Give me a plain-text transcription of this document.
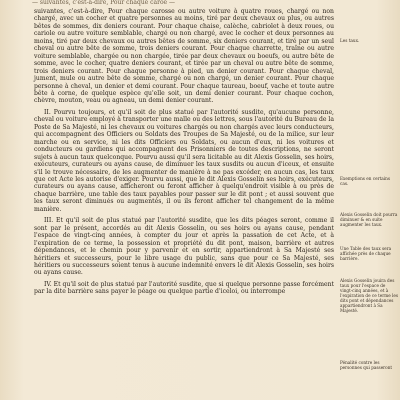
— suivantes, c'est-à-dire, Pour chaque caroe —

suivantes, c'est-à-dire, Pour chaque carosse ou autre voiture à quatre roues, chargé ou non chargé, avec un cocher et quatre personnes au moins, tiré par deux chevaux ou plus, ou autres bêtes de sommes, dix deniers courant. Pour chaque chaise, calèche, cabriolet à deux roues, ou cariole ou autre voiture semblable, chargé ou non chargé, avec le cocher et deux personnes au moins, tiré par deux chevaux ou autres bêtes de somme, six deniers courant, et tiré par un seul cheval ou autre bête de somme, trois deniers courant. Pour chaque charrette, traîne ou autre voiture semblable, chargée ou non chargée, tirée par deux chevaux ou boeufs, ou autre bête de somme, avec le cocher, quatre deniers courant, et tirée par un cheval ou autre bête de somme, trois deniers courant. Pour chaque personne à pied, un denier courant. Pour chaque cheval, jument, mule ou autre bête de somme, chargé ou non chargé, un denier courant. Pour chaque personne à cheval, un denier et demi courant. Pour chaque taureau, boeuf, vache et toute autre bête à corne, de quelque espèce qu'elle soit, un demi denier courant. Pour chaque cochon, chèvre, mouton, veau ou agneau, un demi denier courant.

II. Pourvu toujours, et qu'il soit de plus statué par l'autorité susdite, qu'aucune personne, cheval ou voiture employé à transporter une malle ou des lettres, sous l'autorité du Bureau de la Poste de Sa Majesté, ni les chevaux ou voitures chargés ou non chargés avec leurs conducteurs, qui accompagnent des Officiers ou Soldats des Troupes de Sa Majesté, ou de la milice, sur leur marche ou en service, ni les dits Officiers ou Soldats, ou aucun d'eux, ni les voitures et conducteurs ou gardiens qui accompagnent des Prisonniers de toutes descriptions, ne seront sujets à aucun taux quelconque. Pourvu aussi qu'il sera licitable au dit Alexis Gosselin, ses hoirs, exécuteurs, curateurs ou ayans cause, de diminuer les taux susdits ou aucun d'iceux, et ensuite s'il le trouve nécessaire, de les augmenter de manière à ne pas excéder, en aucun cas, les taux que cet Acte les autorise d'exiger. Pourvu aussi, que le dit Alexis Gosselin ses hoirs, exécuteurs, curateurs ou ayans cause, afficheront ou feront afficher à quelqu'endroit visible à ou près de chaque barrière, une table des taux payables pour passer sur le dit pont ; et aussi souvent que les taux seront diminués ou augmentés, il ou ils feront afficher tel changement de la même manière.

III. Et qu'il soit de plus statué par l'autorité susdite, que les dits péages seront, comme il sont par le présent, accordés au dit Alexis Gosselin, ou ses hoirs ou ayans cause, pendant l'espace de vingt-cinq années, à compter du jour et après la passation de cet Acte, et à l'expiration de ce terme, la possession et propriété du dit pont, maison, barrière et autres dépendances, et le chemin pour y parvenir et en sortir, appartiendront à Sa Majesté ses héritiers et successeurs, pour le libre usage du public, sans que pour ce Sa Majesté, ses héritiers ou successeurs soient tenus à aucune indemnité envers le dit Alexis Gosselin, ses hoirs ou ayans cause.

IV. Et qu'il soit de plus statué par l'autorité susdite, que si quelque personne passe forcément par la dite barrière sans payer le péage ou quelque partie d'iceloi, ou interrompe

Les taux.
Exemptions en certains cas.
Alexis Gosselin doit pourra diminuer & en suite augmenter les taux.
Une Table des taux sera affichée près de chaque barrière.
Alexis Gosselin jouira des taux pour l'espace de vingt-cinq années, et à l'expiration de ce terme les dits pont et dépendances appartiendront à Sa Majesté.
Pénalité contre les personnes qui passeront
